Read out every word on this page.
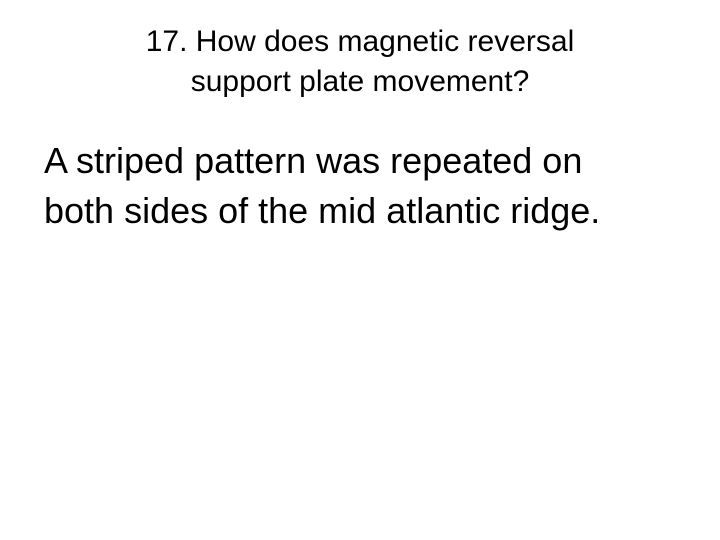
17. How does magnetic reversal
support plate movement?
A striped pattern was repeated on
both sides of the mid atlantic ridge.
